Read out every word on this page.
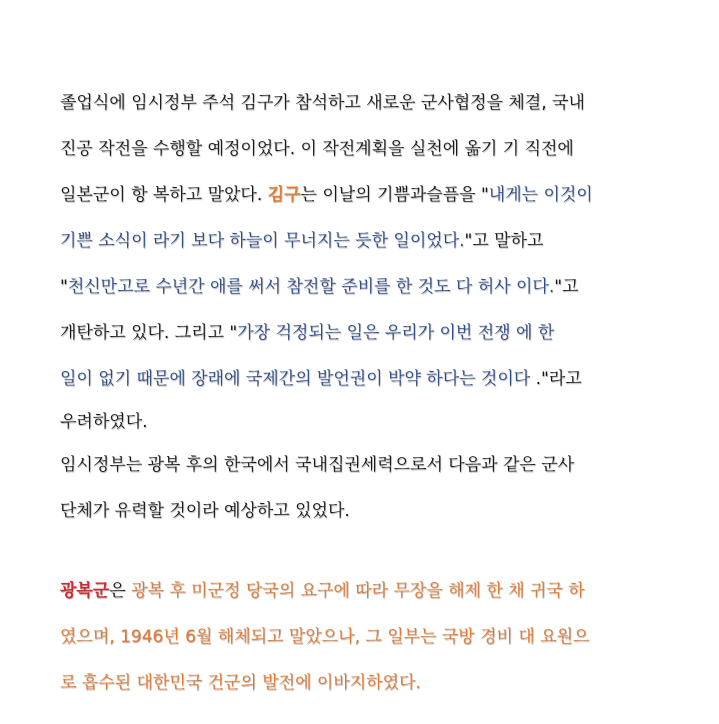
졸업식에 임시정부 주석 김구가 참석하고 새로운 군사협정을 체결, 국내
진공 작전을 수행할 예정이었다. 이 작전계획을 실천에 옮기 기 직전에
일본군이 항 복하고 말았다. 김구는 이날의 기쁨과슬픔을 "내게는 이것이
기쁜 소식이 라기 보다 하늘이 무너지는 듯한 일이었다."고 말하고
"천신만고로 수년간 애를 써서 참전할 준비를 한 것도 다 허사 이다."고
개탄하고 있다. 그리고 "가장 걱정되는 일은 우리가 이번 전쟁 에 한
일이 없기 때문에 장래에 국제간의 발언권이 박약 하다는 것이다 ."라고
우려하였다.
임시정부는 광복 후의 한국에서 국내집권세력으로서 다음과 같은 군사
단체가 유력할 것이라 예상하고 있었다.
광복군은 광복 후 미군정 당국의 요구에 따라 무장을 해제 한 채 귀국 하
였으며, 1946년 6월 해체되고 말았으나, 그 일부는 국방 경비 대 요원으
로 흡수된 대한민국 건군의 발전에 이바지하였다.
